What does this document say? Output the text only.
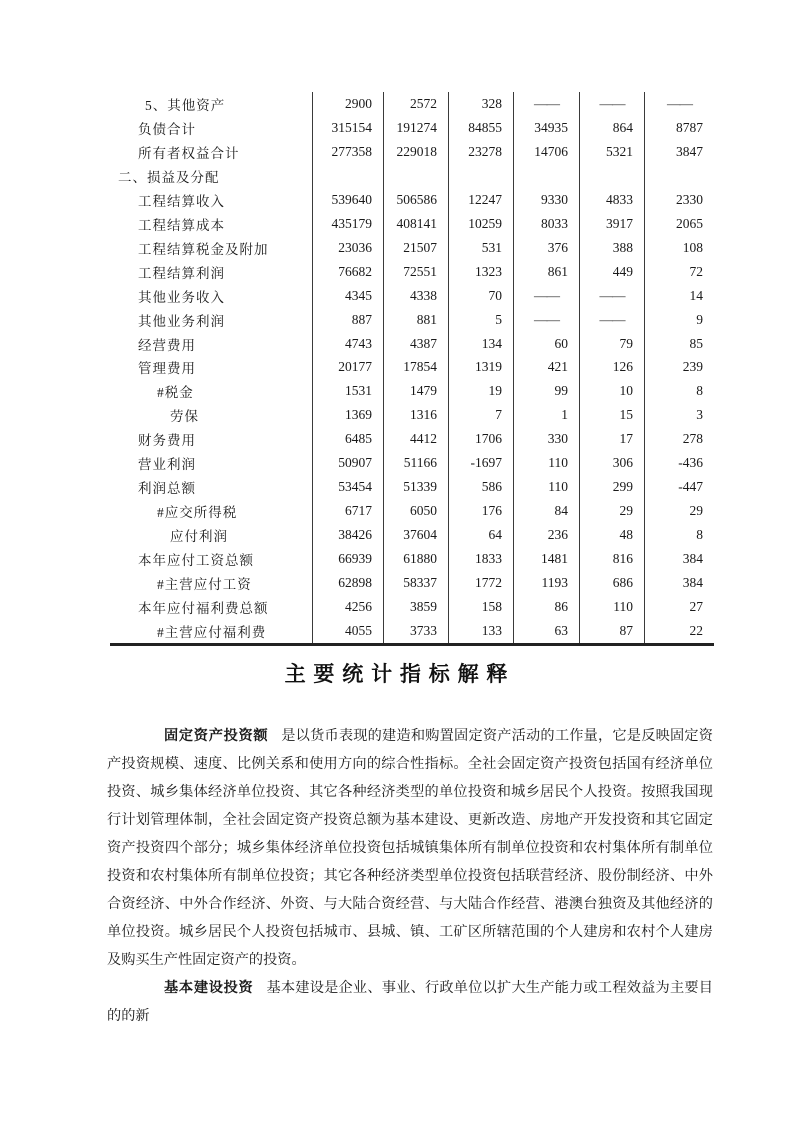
5、其他资产	2900	2572	328	——	——	——
负债合计	315154	191274	84855	34935	864	8787
所有者权益合计	277358	229018	23278	14706	5321	3847
二、损益及分配
工程结算收入	539640	506586	12247	9330	4833	2330
工程结算成本	435179	408141	10259	8033	3917	2065
工程结算税金及附加	23036	21507	531	376	388	108
工程结算利润	76682	72551	1323	861	449	72
其他业务收入	4345	4338	70	——	——	14
其他业务利润	887	881	5	——	——	9
经营费用	4743	4387	134	60	79	85
管理费用	20177	17854	1319	421	126	239
#税金	1531	1479	19	99	10	8
劳保	1369	1316	7	1	15	3
财务费用	6485	4412	1706	330	17	278
营业利润	50907	51166	-1697	110	306	-436
利润总额	53454	51339	586	110	299	-447
#应交所得税	6717	6050	176	84	29	29
应付利润	38426	37604	64	236	48	8
本年应付工资总额	66939	61880	1833	1481	816	384
#主营应付工资	62898	58337	1772	1193	686	384
本年应付福利费总额	4256	3859	158	86	110	27
#主营应付福利费	4055	3733	133	63	87	22
主 要 统 计 指 标 解 释

固定资产投资额 是以货币表现的建造和购置固定资产活动的工作量，它是反映固定资产投资规模、速度、比例关系和使用方向的综合性指标。全社会固定资产投资包括国有经济单位投资、城乡集体经济单位投资、其它各种经济类型的单位投资和城乡居民个人投资。按照我国现行计划管理体制，全社会固定资产投资总额为基本建设、更新改造、房地产开发投资和其它固定资产投资四个部分；城乡集体经济单位投资包括城镇集体所有制单位投资和农村集体所有制单位投资和农村集体所有制单位投资；其它各种经济类型单位投资包括联营经济、股份制经济、中外合资经济、中外合作经济、外资、与大陆合资经营、与大陆合作经营、港澳台独资及其他经济的单位投资。城乡居民个人投资包括城市、县城、镇、工矿区所辖范围的个人建房和农村个人建房及购买生产性固定资产的投资。

基本建设投资 基本建设是企业、事业、行政单位以扩大生产能力或工程效益为主要目的的新
